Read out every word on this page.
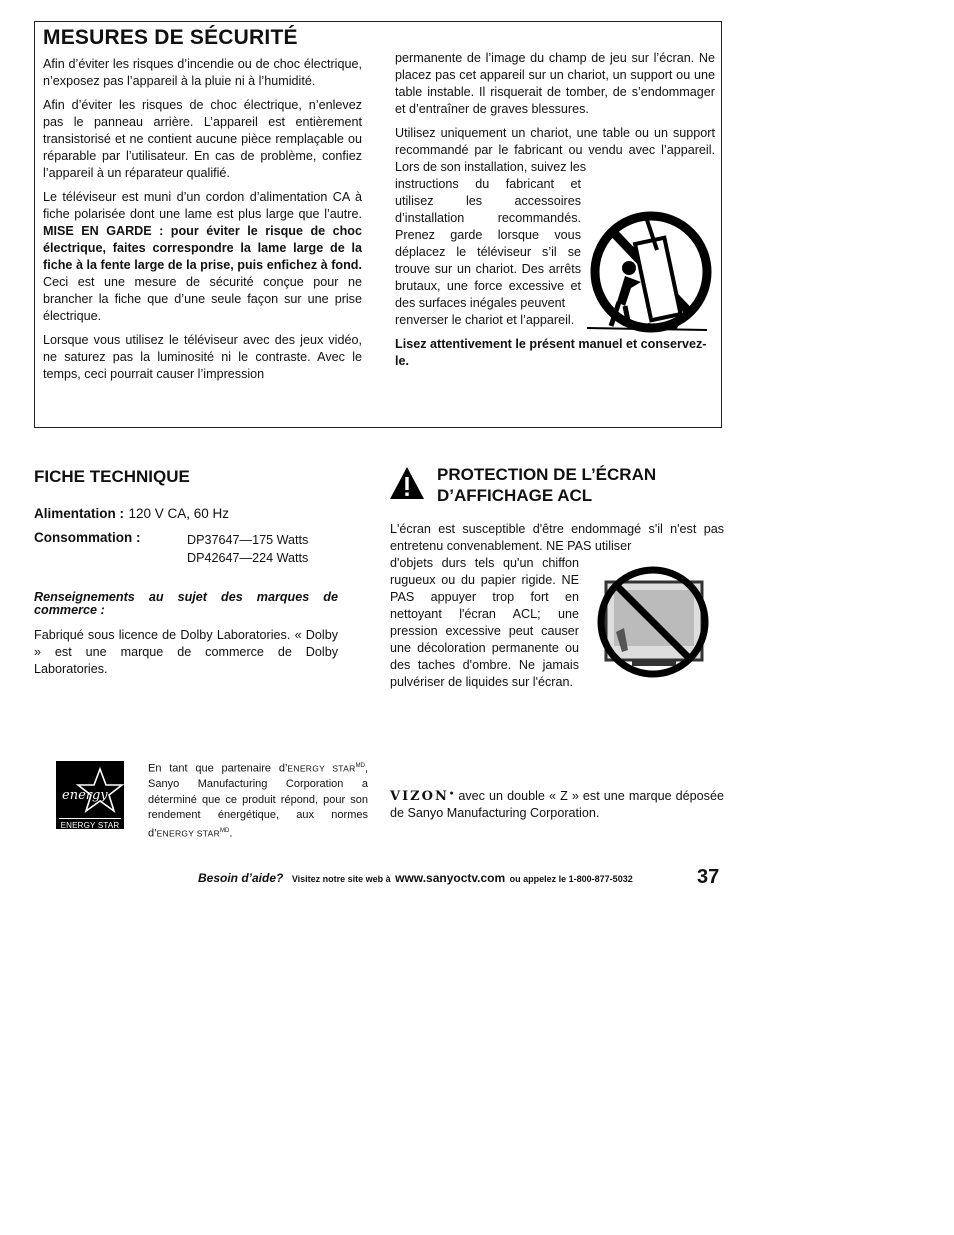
MESURES DE SÉCURITÉ

Afin d’éviter les risques d’incendie ou de choc électrique, n’exposez pas l’appareil à la pluie ni à l’humidité.

Afin d’éviter les risques de choc électrique, n’enlevez pas le panneau arrière. L’appareil est entièrement transistorisé et ne contient aucune pièce remplaçable ou réparable par l’utilisateur. En cas de problème, confiez l’appareil à un réparateur qualifié.

Le téléviseur est muni d’un cordon d’alimentation CA à fiche polarisée dont une lame est plus large que l’autre. MISE EN GARDE : pour éviter le risque de choc électrique, faites correspondre la lame large de la fiche à la fente large de la prise, puis enfichez à fond. Ceci est une mesure de sécurité conçue pour ne brancher la fiche que d’une seule façon sur une prise électrique.

Lorsque vous utilisez le téléviseur avec des jeux vidéo, ne saturez pas la luminosité ni le contraste. Avec le temps, ceci pourrait causer l’impression

permanente de l’image du champ de jeu sur l’écran. Ne placez pas cet appareil sur un chariot, un support ou une table instable. Il risquerait de tomber, de s’endommager et d’entraîner de graves blessures.

Utilisez uniquement un chariot, une table ou un support recommandé par le fabricant ou vendu avec l’appareil. Lors de son installation, suivez les

instructions du fabricant et utilisez les accessoires d’installation recommandés. Prenez garde lorsque vous déplacez le téléviseur s’il se trouve sur un chariot. Des arrêts brutaux, une force excessive et des surfaces inégales peuvent

renverser le chariot et l’appareil.

Lisez attentivement le présent manuel et conservez-le.

FICHE TECHNIQUE
Alimentation : 120 V CA, 60 Hz
Consommation :	DP37647—175 Watts
DP42647—224 Watts
Renseignements au sujet des marques de commerce :
Fabriqué sous licence de Dolby Laboratories. « Dolby » est une marque de commerce de Dolby Laboratories.
PROTECTION DE L’ÉCRAN
D’AFFICHAGE ACL

L'écran est susceptible d'être endommagé s'il n'est pas entretenu convenablement. NE PAS utiliser

d'objets durs tels qu'un chiffon rugueux ou du papier rigide. NE PAS appuyer trop fort en nettoyant l'écran ACL; une pression excessive peut causer une décoloration permanente ou des taches d'ombre. Ne jamais pulvériser de liquides sur l'écran.

energy
ENERGY STAR
En tant que partenaire d’ENERGY $STAR^{MD}$, Sanyo Manufacturing Corporation a déterminé que ce produit répond, pour son rendement énergétique, aux normes d’ENERGY $STAR^{MD}$.
VIZON● avec un double « Z » est une marque déposée de Sanyo Manufacturing Corporation.
Besoin d’aide? Visitez notre site web à www.sanyoctv.com ou appelez le 1-800-877-5032	37
